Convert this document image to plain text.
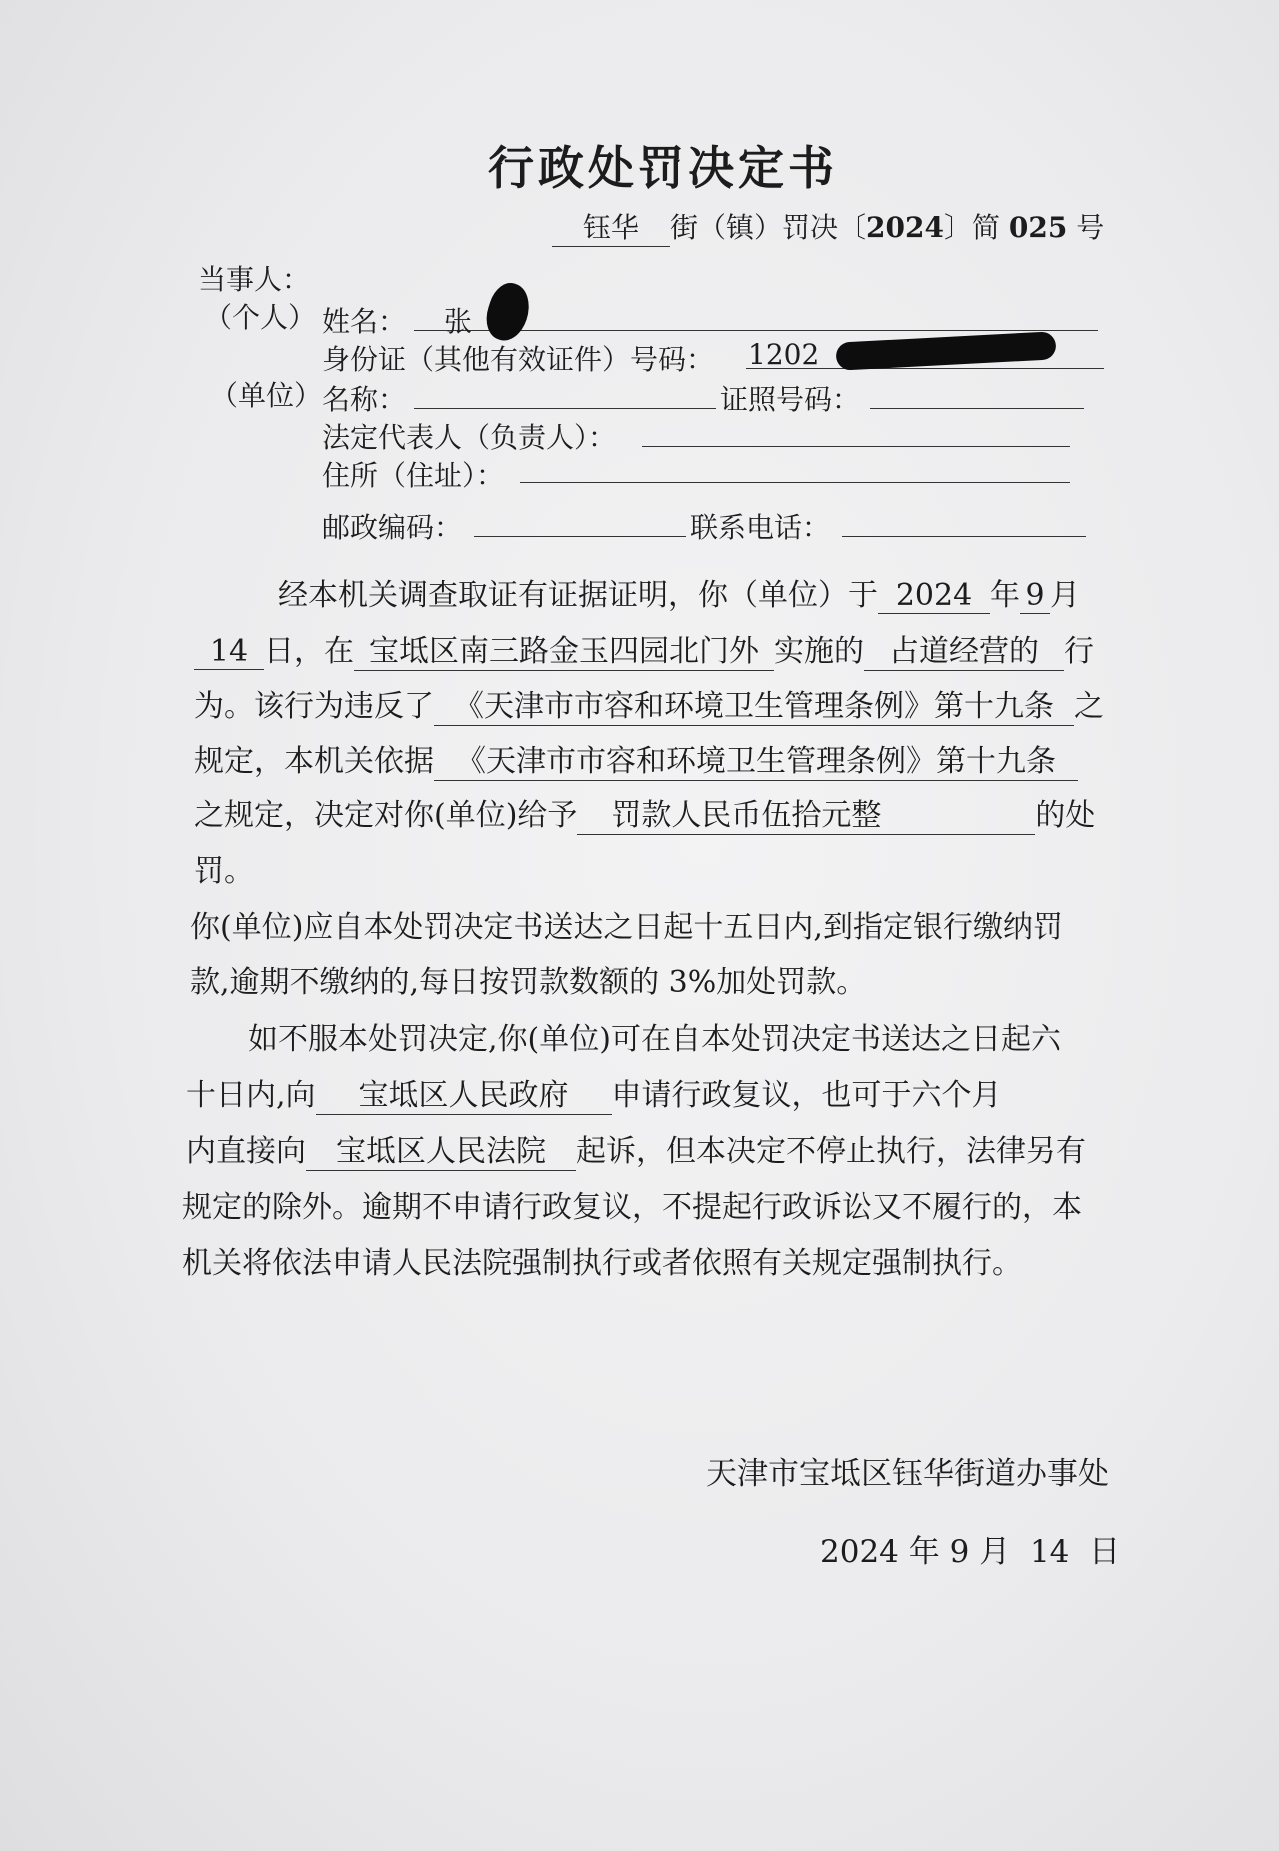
行政处罚决定书
钰华 街（镇）罚决〔2024〕简 025 号
当事人：
（个人） 姓名： 张
身份证（其他有效证件）号码： 1202
（单位） 名称：	证照号码：
法定代表人（负责人）：
住所（住址）：
邮政编码：	联系电话：
经本机关调查取证有证据证明，你（单位）于 2024 年 9 月
14 日，在 宝坻区南三路金玉四园北门外 实施的 占道经营的 行
为。该行为违反了 《天津市市容和环境卫生管理条例》第十九条 之
规定，本机关依据 《天津市市容和环境卫生管理条例》第十九条
之规定，决定对你(单位)给予 罚款人民币伍拾元整	的处
罚。
你(单位)应自本处罚决定书送达之日起十五日内,到指定银行缴纳罚
款,逾期不缴纳的,每日按罚款数额的 3%加处罚款。
如不服本处罚决定,你(单位)可在自本处罚决定书送达之日起六
十日内,向 宝坻区人民政府 申请行政复议，也可于六个月
内直接向 宝坻区人民法院 起诉，但本决定不停止执行，法律另有
规定的除外。逾期不申请行政复议，不提起行政诉讼又不履行的，本
机关将依法申请人民法院强制执行或者依照有关规定强制执行。
天津市宝坻区钰华街道办事处
2024 年 9 月 14 日
